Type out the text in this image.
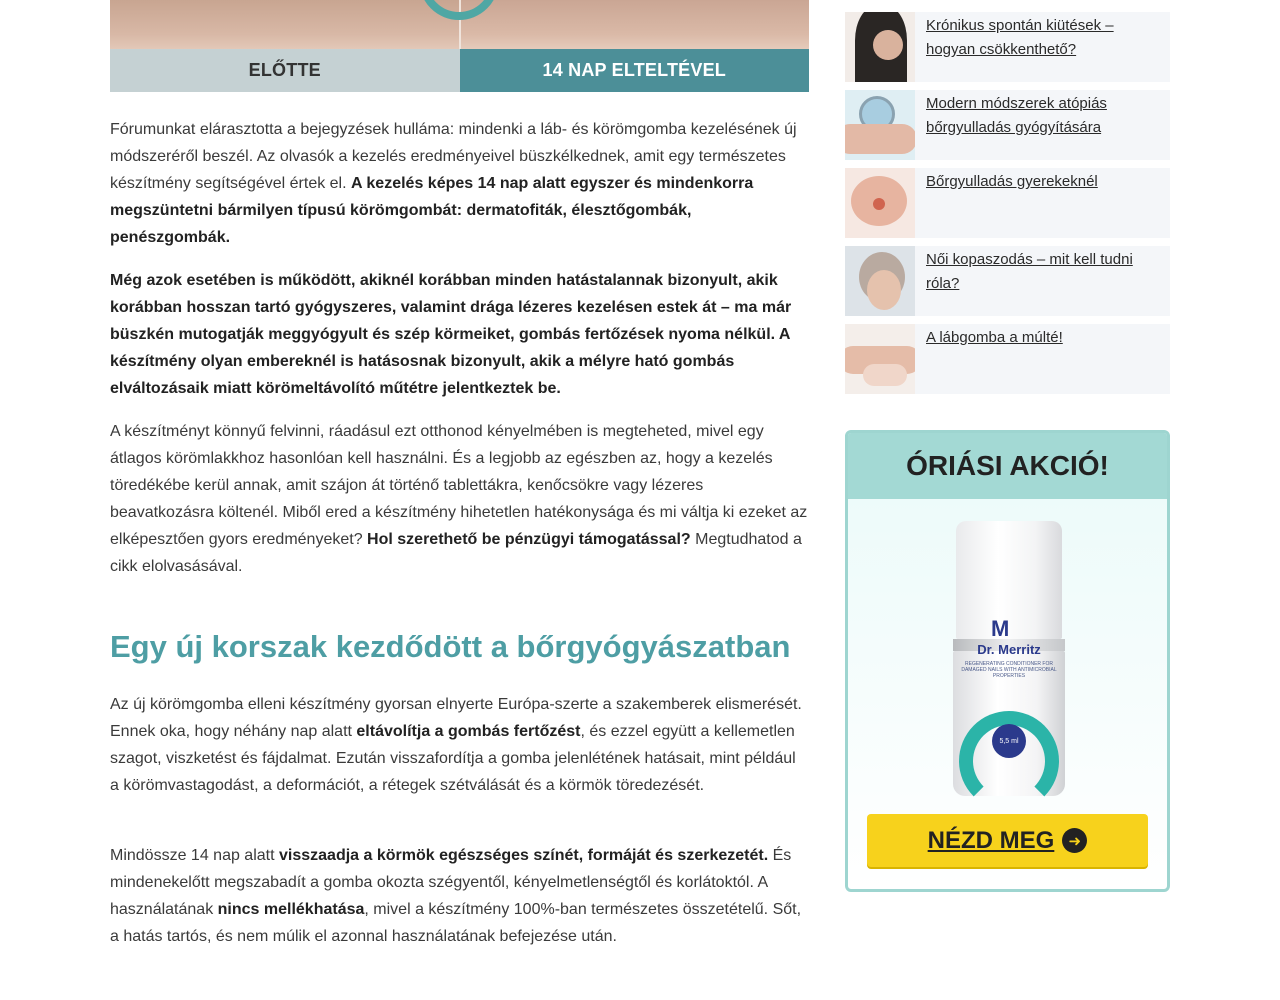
ELŐTTE	14 NAP ELTELTÉVEL

Fórumunkat elárasztotta a bejegyzések hulláma: mindenki a láb- és körömgomba kezelésének új módszeréről beszél. Az olvasók a kezelés eredményeivel büszkélkednek, amit egy természetes készítmény segítségével értek el. A kezelés képes 14 nap alatt egyszer és mindenkorra megszüntetni bármilyen típusú körömgombát: dermatofiták, élesztőgombák, penészgombák.

Még azok esetében is működött, akiknél korábban minden hatástalannak bizonyult, akik korábban hosszan tartó gyógyszeres, valamint drága lézeres kezelésen estek át – ma már büszkén mutogatják meggyógyult és szép körmeiket, gombás fertőzések nyoma nélkül. A készítmény olyan embereknél is hatásosnak bizonyult, akik a mélyre ható gombás elváltozásaik miatt körömeltávolító műtétre jelentkeztek be.

A készítményt könnyű felvinni, ráadásul ezt otthonod kényelmében is megteheted, mivel egy átlagos körömlakkhoz hasonlóan kell használni. És a legjobb az egészben az, hogy a kezelés töredékébe kerül annak, amit szájon át történő tablettákra, kenőcsökre vagy lézeres beavatkozásra költenél. Miből ered a készítmény hihetetlen hatékonysága és mi váltja ki ezeket az elképesztően gyors eredményeket? Hol szerethető be pénzügyi támogatással? Megtudhatod a cikk elolvasásával.

Egy új korszak kezdődött a bőrgyógyászatban

Az új körömgomba elleni készítmény gyorsan elnyerte Európa-szerte a szakemberek elismerését. Ennek oka, hogy néhány nap alatt eltávolítja a gombás fertőzést, és ezzel együtt a kellemetlen szagot, viszketést és fájdalmat. Ezután visszafordítja a gomba jelenlétének hatásait, mint például a körömvastagodást, a deformációt, a rétegek szétválását és a körmök töredezését.

Mindössze 14 nap alatt visszaadja a körmök egészséges színét, formáját és szerkezetét. És mindenekelőtt megszabadít a gomba okozta szégyentől, kényelmetlenségtől és korlátoktól. A használatának nincs mellékhatása, mivel a készítmény 100%-ban természetes összetételű. Sőt, a hatás tartós, és nem múlik el azonnal használatának befejezése után.

Krónikus spontán kiütések – hogyan csökkenthető?
Modern módszerek atópiás bőrgyulladás gyógyítására
Bőrgyulladás gyerekeknél
Női kopaszodás – mit kell tudni róla?
A lábgomba a múlté!
ÓRIÁSI AKCIÓ!
M
Dr. Merritz
REGENERATING CONDITIONER FOR DAMAGED NAILS WITH ANTIMICROBIAL PROPERTIES
5,5 ml
NÉZD MEG ➜
